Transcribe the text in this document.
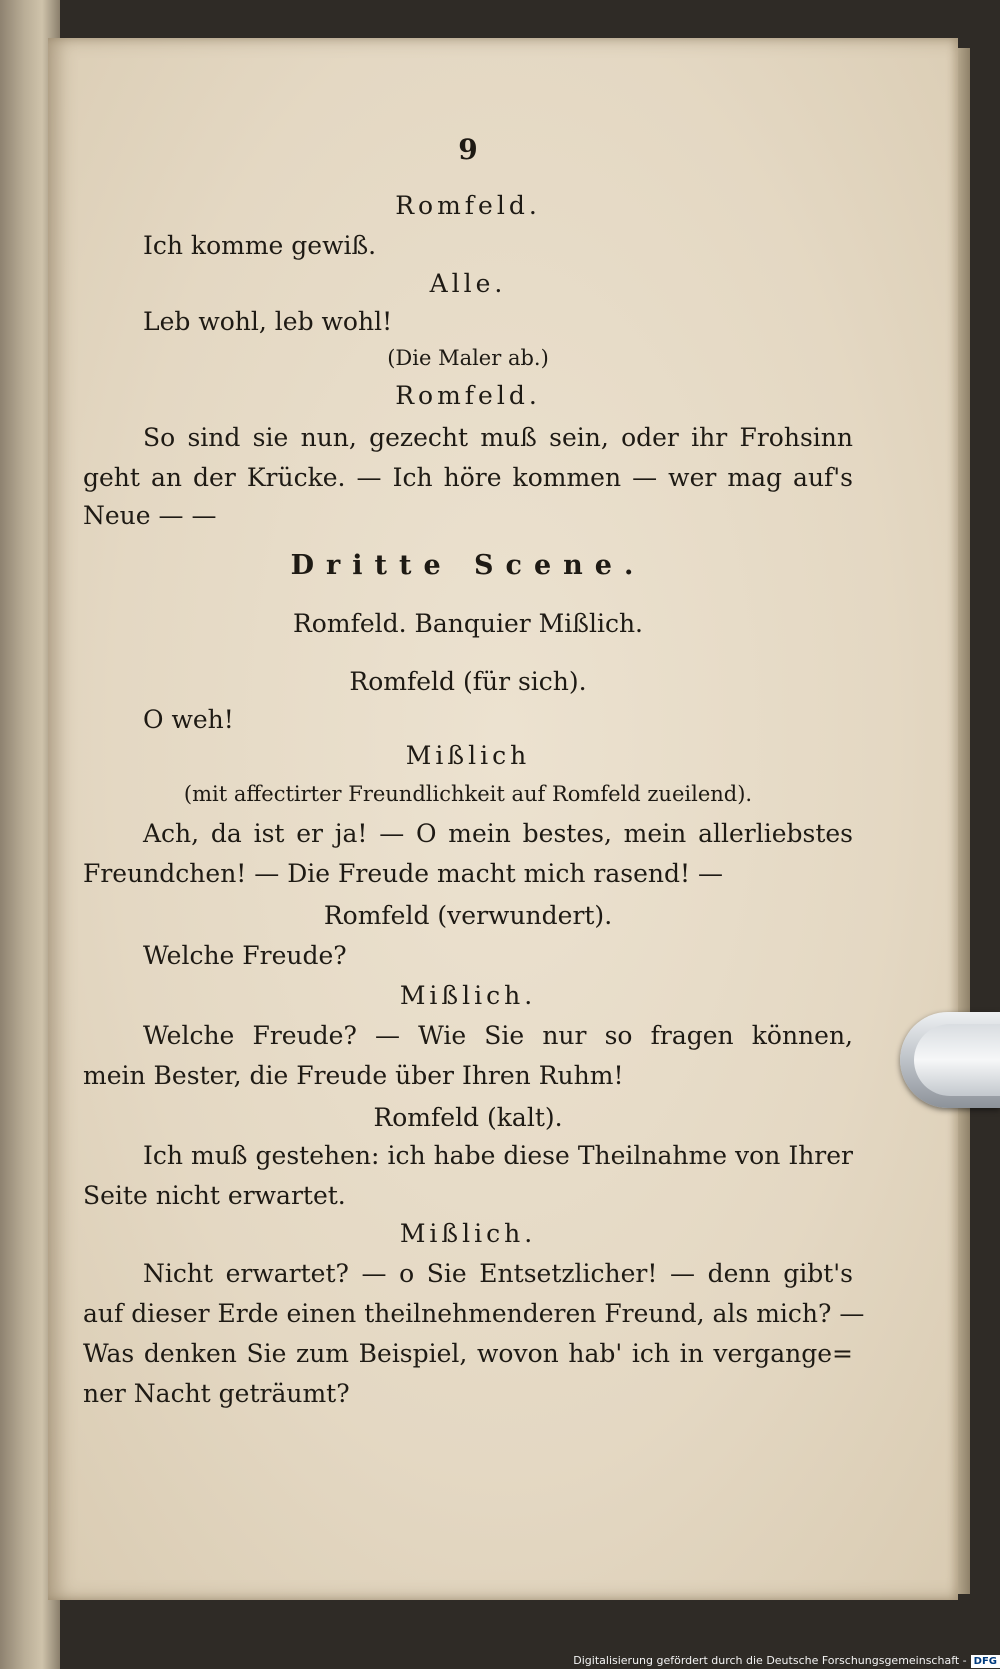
9
Romfeld.
Ich komme gewiß.
Alle.
Leb wohl, leb wohl!
(Die Maler ab.)
Romfeld.
So sind sie nun, gezecht muß sein, oder ihr Frohsinn
geht an der Krücke. — Ich höre kommen — wer mag auf's
Neue — —
Dritte Scene.
Romfeld. Banquier Mißlich.
Romfeld (für sich).
O weh!
Mißlich
(mit affectirter Freundlichkeit auf Romfeld zueilend).
Ach, da ist er ja! — O mein bestes, mein allerliebstes
Freundchen! — Die Freude macht mich rasend! —
Romfeld (verwundert).
Welche Freude?
Mißlich.
Welche Freude? — Wie Sie nur so fragen können,
mein Bester, die Freude über Ihren Ruhm!
Romfeld (kalt).
Ich muß gestehen: ich habe diese Theilnahme von Ihrer
Seite nicht erwartet.
Mißlich.
Nicht erwartet? — o Sie Entsetzlicher! — denn gibt's
auf dieser Erde einen theilnehmenderen Freund, als mich? —
Was denken Sie zum Beispiel, wovon hab' ich in vergange=
ner Nacht geträumt?
Digitalisierung gefördert durch die Deutsche Forschungsgemeinschaft - DFG
